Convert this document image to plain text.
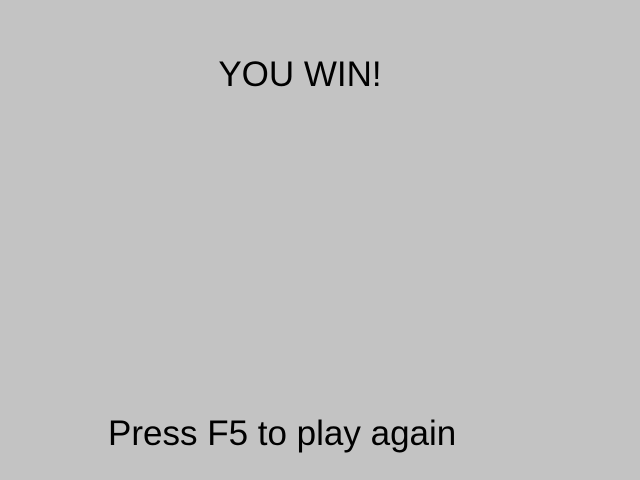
YOU WIN!
Press F5 to play again
